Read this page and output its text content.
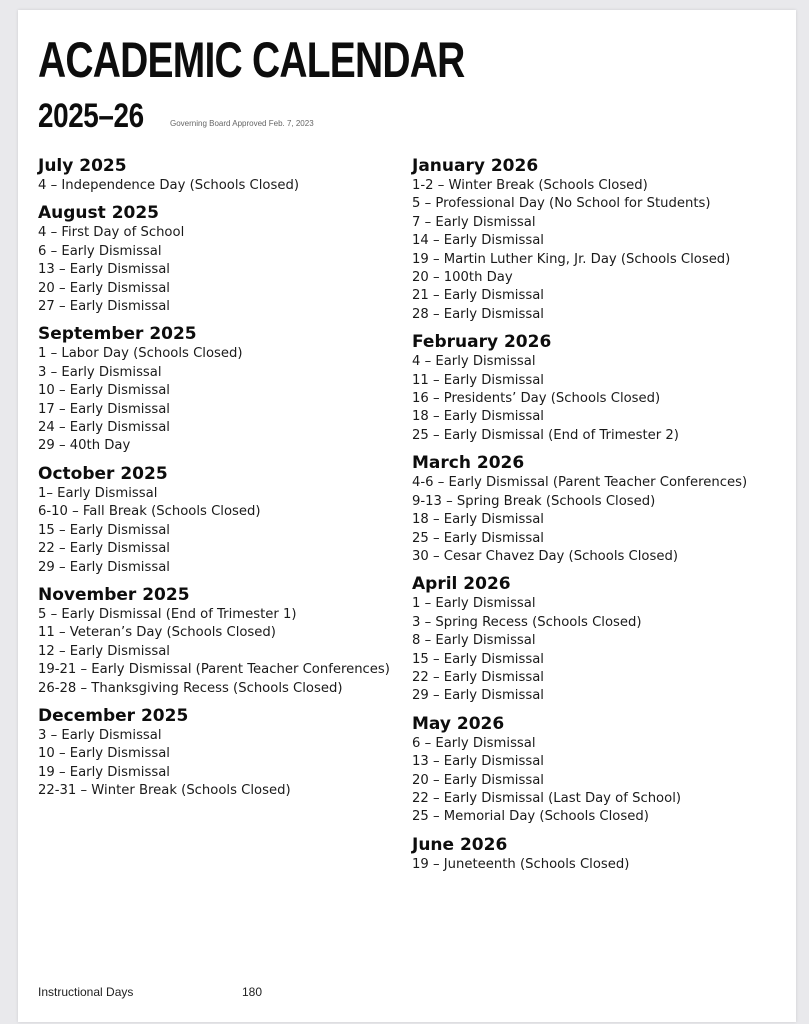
ACADEMIC CALENDAR
2025–26	Governing Board Approved Feb. 7, 2023
July 2025
4 – Independence Day (Schools Closed)
August 2025
4 – First Day of School
6 – Early Dismissal
13 – Early Dismissal
20 – Early Dismissal
27 – Early Dismissal
September 2025
1 – Labor Day (Schools Closed)
3 – Early Dismissal
10 – Early Dismissal
17 – Early Dismissal
24 – Early Dismissal
29 – 40th Day
October 2025
1– Early Dismissal
6-10 – Fall Break (Schools Closed)
15 – Early Dismissal
22 – Early Dismissal
29 – Early Dismissal
November 2025
5 – Early Dismissal (End of Trimester 1)
11 – Veteran’s Day (Schools Closed)
12 – Early Dismissal
19-21 – Early Dismissal (Parent Teacher Conferences)
26-28 – Thanksgiving Recess (Schools Closed)
December 2025
3 – Early Dismissal
10 – Early Dismissal
19 – Early Dismissal
22-31 – Winter Break (Schools Closed)
January 2026
1-2 – Winter Break (Schools Closed)
5 – Professional Day (No School for Students)
7 – Early Dismissal
14 – Early Dismissal
19 – Martin Luther King, Jr. Day (Schools Closed)
20 – 100th Day
21 – Early Dismissal
28 – Early Dismissal
February 2026
4 – Early Dismissal
11 – Early Dismissal
16 – Presidents’ Day (Schools Closed)
18 – Early Dismissal
25 – Early Dismissal (End of Trimester 2)
March 2026
4-6 – Early Dismissal (Parent Teacher Conferences)
9-13 – Spring Break (Schools Closed)
18 – Early Dismissal
25 – Early Dismissal
30 – Cesar Chavez Day (Schools Closed)
April 2026
1 – Early Dismissal
3 – Spring Recess (Schools Closed)
8 – Early Dismissal
15 – Early Dismissal
22 – Early Dismissal
29 – Early Dismissal
May 2026
6 – Early Dismissal
13 – Early Dismissal
20 – Early Dismissal
22 – Early Dismissal (Last Day of School)
25 – Memorial Day (Schools Closed)
June 2026
19 – Juneteenth (Schools Closed)
Instructional Days	180
